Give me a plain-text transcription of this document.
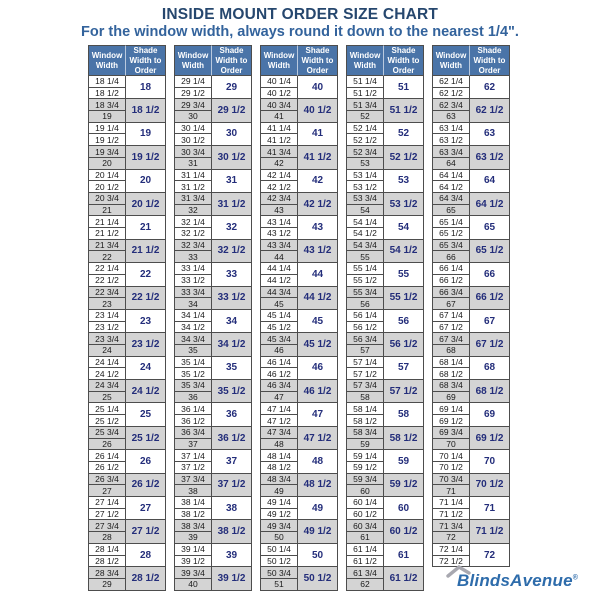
INSIDE MOUNT ORDER SIZE CHART
For the window width, always round it down to the nearest 1/4".
Window Width
Shade Width to Order
18 1/4
18 1/2
18
18 3/4
19
18 1/2
19 1/4
19 1/2
19
19 3/4
20
19 1/2
20 1/4
20 1/2
20
20 3/4
21
20 1/2
21 1/4
21 1/2
21
21 3/4
22
21 1/2
22 1/4
22 1/2
22
22 3/4
23
22 1/2
23 1/4
23 1/2
23
23 3/4
24
23 1/2
24 1/4
24 1/2
24
24 3/4
25
24 1/2
25 1/4
25 1/2
25
25 3/4
26
25 1/2
26 1/4
26 1/2
26
26 3/4
27
26 1/2
27 1/4
27 1/2
27
27 3/4
28
27 1/2
28 1/4
28 1/2
28
28 3/4
29
28 1/2
Window Width
Shade Width to Order
29 1/4
29 1/2
29
29 3/4
30
29 1/2
30 1/4
30 1/2
30
30 3/4
31
30 1/2
31 1/4
31 1/2
31
31 3/4
32
31 1/2
32 1/4
32 1/2
32
32 3/4
33
32 1/2
33 1/4
33 1/2
33
33 3/4
34
33 1/2
34 1/4
34 1/2
34
34 3/4
35
34 1/2
35 1/4
35 1/2
35
35 3/4
36
35 1/2
36 1/4
36 1/2
36
36 3/4
37
36 1/2
37 1/4
37 1/2
37
37 3/4
38
37 1/2
38 1/4
38 1/2
38
38 3/4
39
38 1/2
39 1/4
39 1/2
39
39 3/4
40
39 1/2
Window Width
Shade Width to Order
40 1/4
40 1/2
40
40 3/4
41
40 1/2
41 1/4
41 1/2
41
41 3/4
42
41 1/2
42 1/4
42 1/2
42
42 3/4
43
42 1/2
43 1/4
43 1/2
43
43 3/4
44
43 1/2
44 1/4
44 1/2
44
44 3/4
45
44 1/2
45 1/4
45 1/2
45
45 3/4
46
45 1/2
46 1/4
46 1/2
46
46 3/4
47
46 1/2
47 1/4
47 1/2
47
47 3/4
48
47 1/2
48 1/4
48 1/2
48
48 3/4
49
48 1/2
49 1/4
49 1/2
49
49 3/4
50
49 1/2
50 1/4
50 1/2
50
50 3/4
51
50 1/2
Window Width
Shade Width to Order
51 1/4
51 1/2
51
51 3/4
52
51 1/2
52 1/4
52 1/2
52
52 3/4
53
52 1/2
53 1/4
53 1/2
53
53 3/4
54
53 1/2
54 1/4
54 1/2
54
54 3/4
55
54 1/2
55 1/4
55 1/2
55
55 3/4
56
55 1/2
56 1/4
56 1/2
56
56 3/4
57
56 1/2
57 1/4
57 1/2
57
57 3/4
58
57 1/2
58 1/4
58 1/2
58
58 3/4
59
58 1/2
59 1/4
59 1/2
59
59 3/4
60
59 1/2
60 1/4
60 1/2
60
60 3/4
61
60 1/2
61 1/4
61 1/2
61
61 3/4
62
61 1/2
Window Width
Shade Width to Order
62 1/4
62 1/2
62
62 3/4
63
62 1/2
63 1/4
63 1/2
63
63 3/4
64
63 1/2
64 1/4
64 1/2
64
64 3/4
65
64 1/2
65 1/4
65 1/2
65
65 3/4
66
65 1/2
66 1/4
66 1/2
66
66 3/4
67
66 1/2
67 1/4
67 1/2
67
67 3/4
68
67 1/2
68 1/4
68 1/2
68
68 3/4
69
68 1/2
69 1/4
69 1/2
69
69 3/4
70
69 1/2
70 1/4
70 1/2
70
70 3/4
71
70 1/2
71 1/4
71 1/2
71
71 3/4
72
71 1/2
72 1/4
72 1/2
72
BlindsAvenue®
